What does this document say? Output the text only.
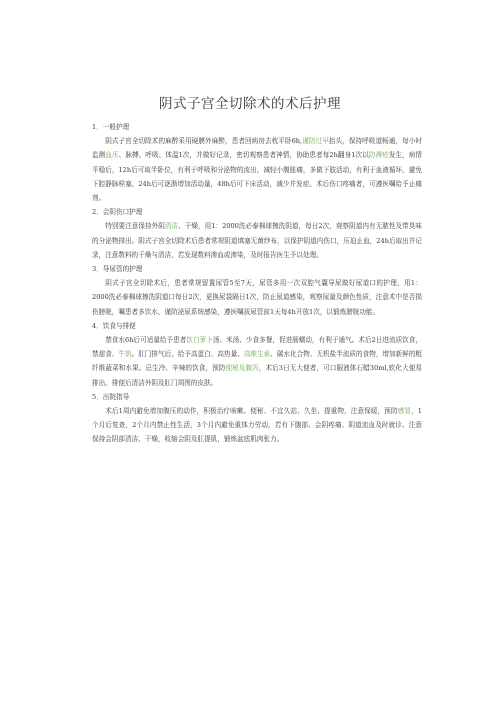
阴式子宫全切除术的术后护理
1．一般护理
阴式子宫全切除术的麻醉采用硬膜外麻醉，患者回病房去枕平卧6h,谨防过早抬头，保持呼吸道畅通，每小时监测血压、脉搏、呼吸、体温1次，并做好记录，密切观察患者神情，协助患者每2h翻身1次以防褥疮发生，病情平稳后，12h后可取半卧位，有利于呼吸和分泌物的流出，减轻小腹胀痛，多做下肢活动，有利于血液循环，避免下腔静脉栓塞，24h后可逐渐增加活动量，48h后可下床活动，减少并发症。术后伤口疼痛者，可遵医嘱给予止痛剂。
2．会阴伤口护理
特别要注意保持外阴清洁、干燥，用1：2000洗必泰棉球擦洗阴道，每日2次，观察阴道内有无脓性及带臭味的分泌物排出。阴式子宫全切除术后患者常规阴道填塞无菌纱布，以保护阴道内伤口，压迫止血，24h后取出并记录，注意数料的干燥与清洁，若发现数料渗血或渗染，及时报告医生予以处理。
3．导尿管的护理
阴式子宫全切除术后，患者常规留置尿管5至7天，尿管多用一次双腔气囊导尿做好尿道口的护理，用1：2000洗必泰棉球擦洗阴道口每日2次，更换尿袋隔日1次，防止尿道感染，观察尿量及颜色性质，注意术中是否损伤膀胱，嘱患者多饮水，谨防泌尿系统感染，遵医嘱拔尿管前1天每4h开放1次，以锻炼膀胱功能。
4．饮食与排便
禁食水6h后可适量给予患者饮白萝卜汤、米汤、少食多餐，促进肠蠕动，有利于通气。术后2日进流质饮食，禁甜食、牛奶。肛门排气后，给予高蛋白、高热量、高维生素、碳水化合物、无机盐半流质的食物，增加新鲜的粗纤维蔬菜和水果。忌生冷、辛辣的饮食，预防便秘及腹泻，术后3日无大便者，可口服液体石蜡30ml,软化大便易排出，排便后清洁外阴及肛门周围的皮肤。
5．出院指导
术后1周内避免增加腹压的动作，积极治疗咳嗽、便秘、不宜久站、久坐、提重物，注意保暖，预防感冒，1个月后复查，2个月内禁止性生活，3个月内避免重体力劳动，若有下腹部、会阴疼痛、阴道流血及时就诊。注意保持会阴部清洁、干燥，收缩会阴及肛提肌，锻炼盆底肌肉张力。
